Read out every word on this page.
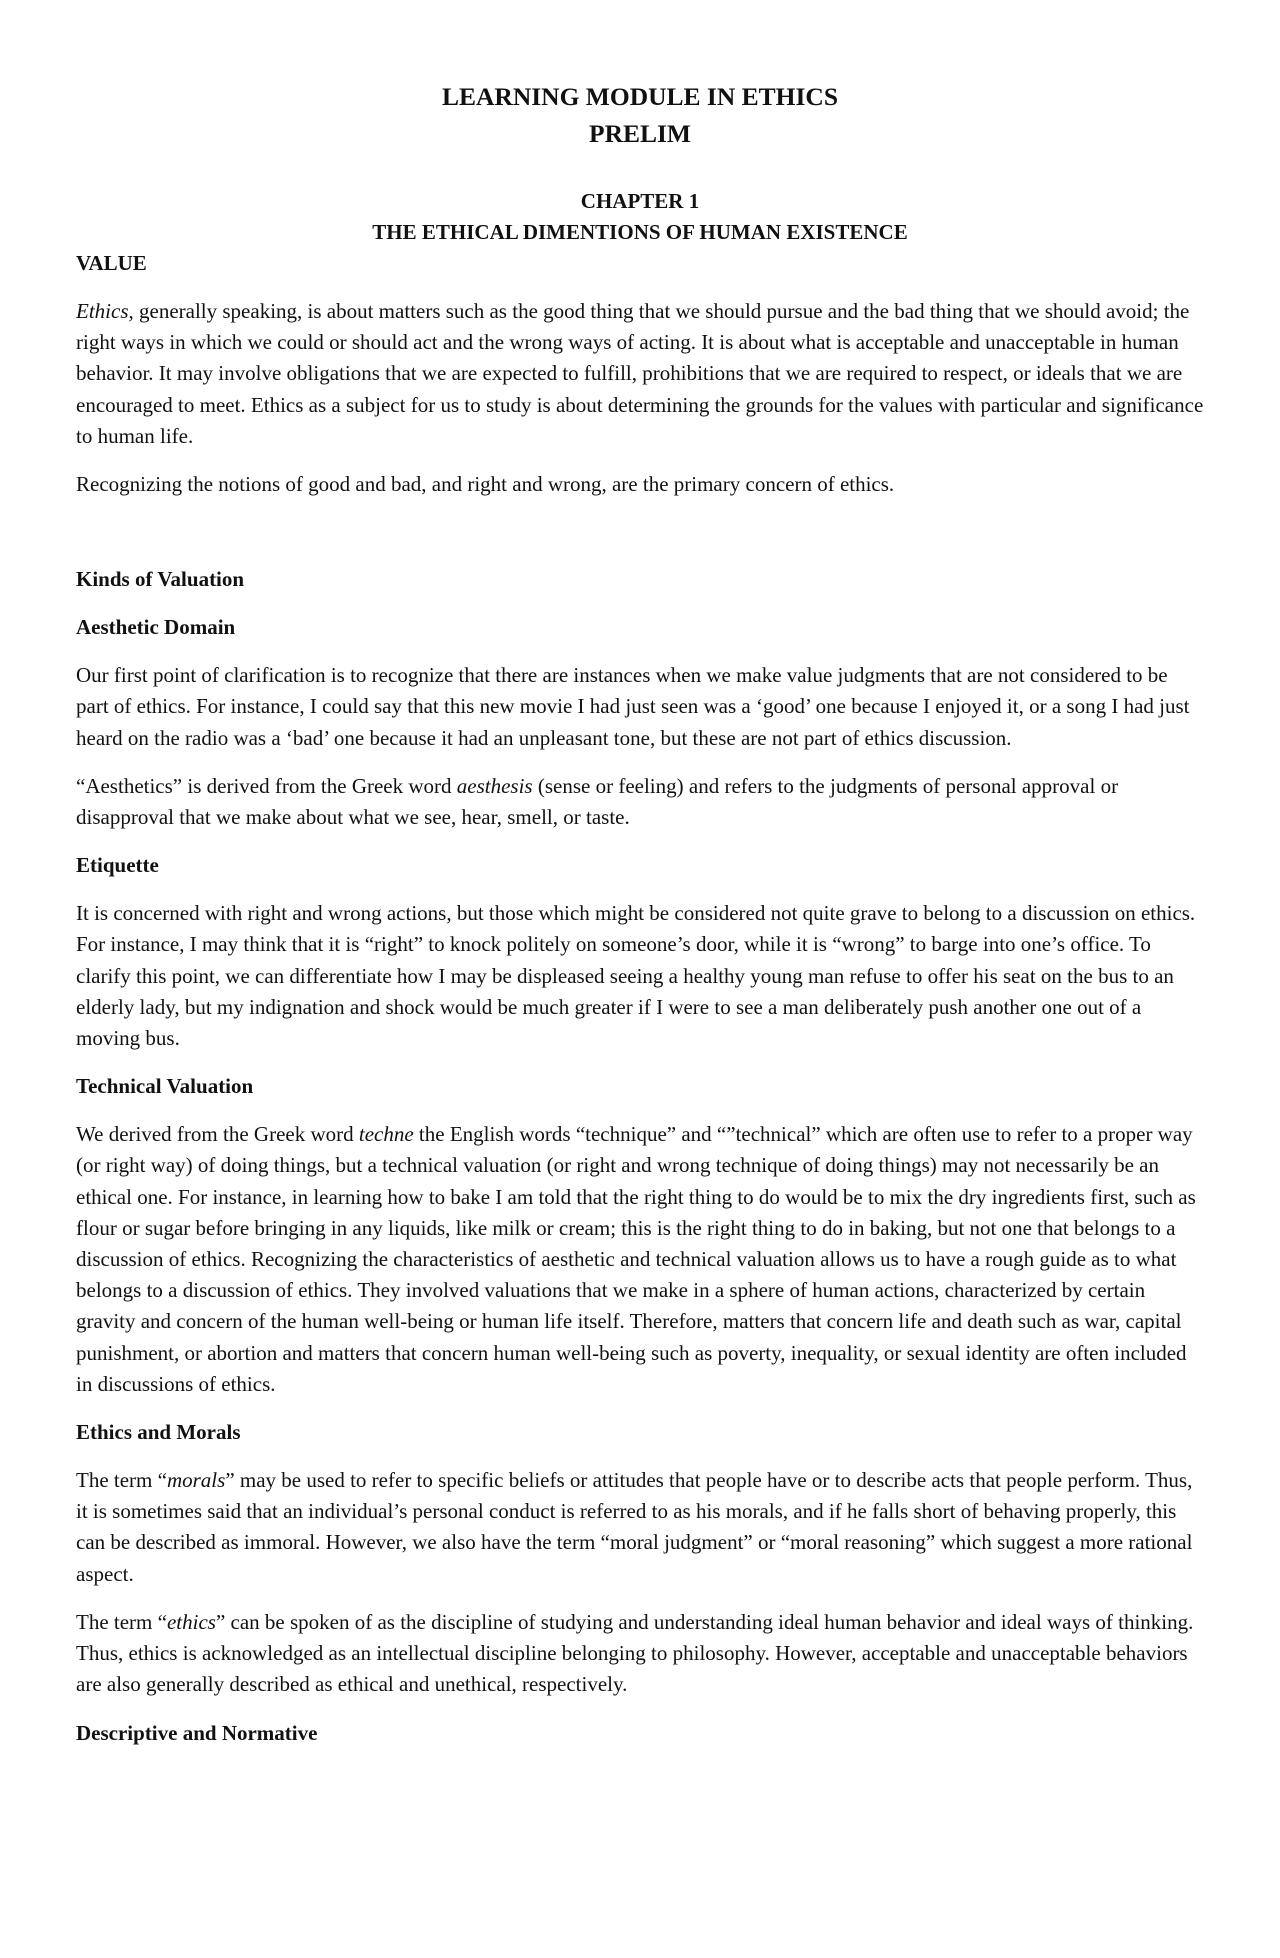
LEARNING MODULE IN ETHICS
PRELIM
CHAPTER 1
THE ETHICAL DIMENTIONS OF HUMAN EXISTENCE
VALUE

Ethics, generally speaking, is about matters such as the good thing that we should pursue and the bad thing that we should avoid; the right ways in which we could or should act and the wrong ways of acting. It is about what is acceptable and unacceptable in human behavior. It may involve obligations that we are expected to fulfill, prohibitions that we are required to respect, or ideals that we are encouraged to meet. Ethics as a subject for us to study is about determining the grounds for the values with particular and significance to human life.

Recognizing the notions of good and bad, and right and wrong, are the primary concern of ethics.

Kinds of Valuation
Aesthetic Domain

Our first point of clarification is to recognize that there are instances when we make value judgments that are not considered to be part of ethics. For instance, I could say that this new movie I had just seen was a ‘good’ one because I enjoyed it, or a song I had just heard on the radio was a ‘bad’ one because it had an unpleasant tone, but these are not part of ethics discussion.

“Aesthetics” is derived from the Greek word aesthesis (sense or feeling) and refers to the judgments of personal approval or disapproval that we make about what we see, hear, smell, or taste.

Etiquette

It is concerned with right and wrong actions, but those which might be considered not quite grave to belong to a discussion on ethics. For instance, I may think that it is “right” to knock politely on someone’s door, while it is “wrong” to barge into one’s office. To clarify this point, we can differentiate how I may be displeased seeing a healthy young man refuse to offer his seat on the bus to an elderly lady, but my indignation and shock would be much greater if I were to see a man deliberately push another one out of a moving bus.

Technical Valuation

We derived from the Greek word techne the English words “technique” and “”technical” which are often use to refer to a proper way (or right way) of doing things, but a technical valuation (or right and wrong technique of doing things) may not necessarily be an ethical one. For instance, in learning how to bake I am told that the right thing to do would be to mix the dry ingredients first, such as flour or sugar before bringing in any liquids, like milk or cream; this is the right thing to do in baking, but not one that belongs to a discussion of ethics. Recognizing the characteristics of aesthetic and technical valuation allows us to have a rough guide as to what belongs to a discussion of ethics. They involved valuations that we make in a sphere of human actions, characterized by certain gravity and concern of the human well-being or human life itself. Therefore, matters that concern life and death such as war, capital punishment, or abortion and matters that concern human well-being such as poverty, inequality, or sexual identity are often included in discussions of ethics.

Ethics and Morals

The term “morals” may be used to refer to specific beliefs or attitudes that people have or to describe acts that people perform. Thus, it is sometimes said that an individual’s personal conduct is referred to as his morals, and if he falls short of behaving properly, this can be described as immoral. However, we also have the term “moral judgment” or “moral reasoning” which suggest a more rational aspect.

The term “ethics” can be spoken of as the discipline of studying and understanding ideal human behavior and ideal ways of thinking. Thus, ethics is acknowledged as an intellectual discipline belonging to philosophy. However, acceptable and unacceptable behaviors are also generally described as ethical and unethical, respectively.

Descriptive and Normative
